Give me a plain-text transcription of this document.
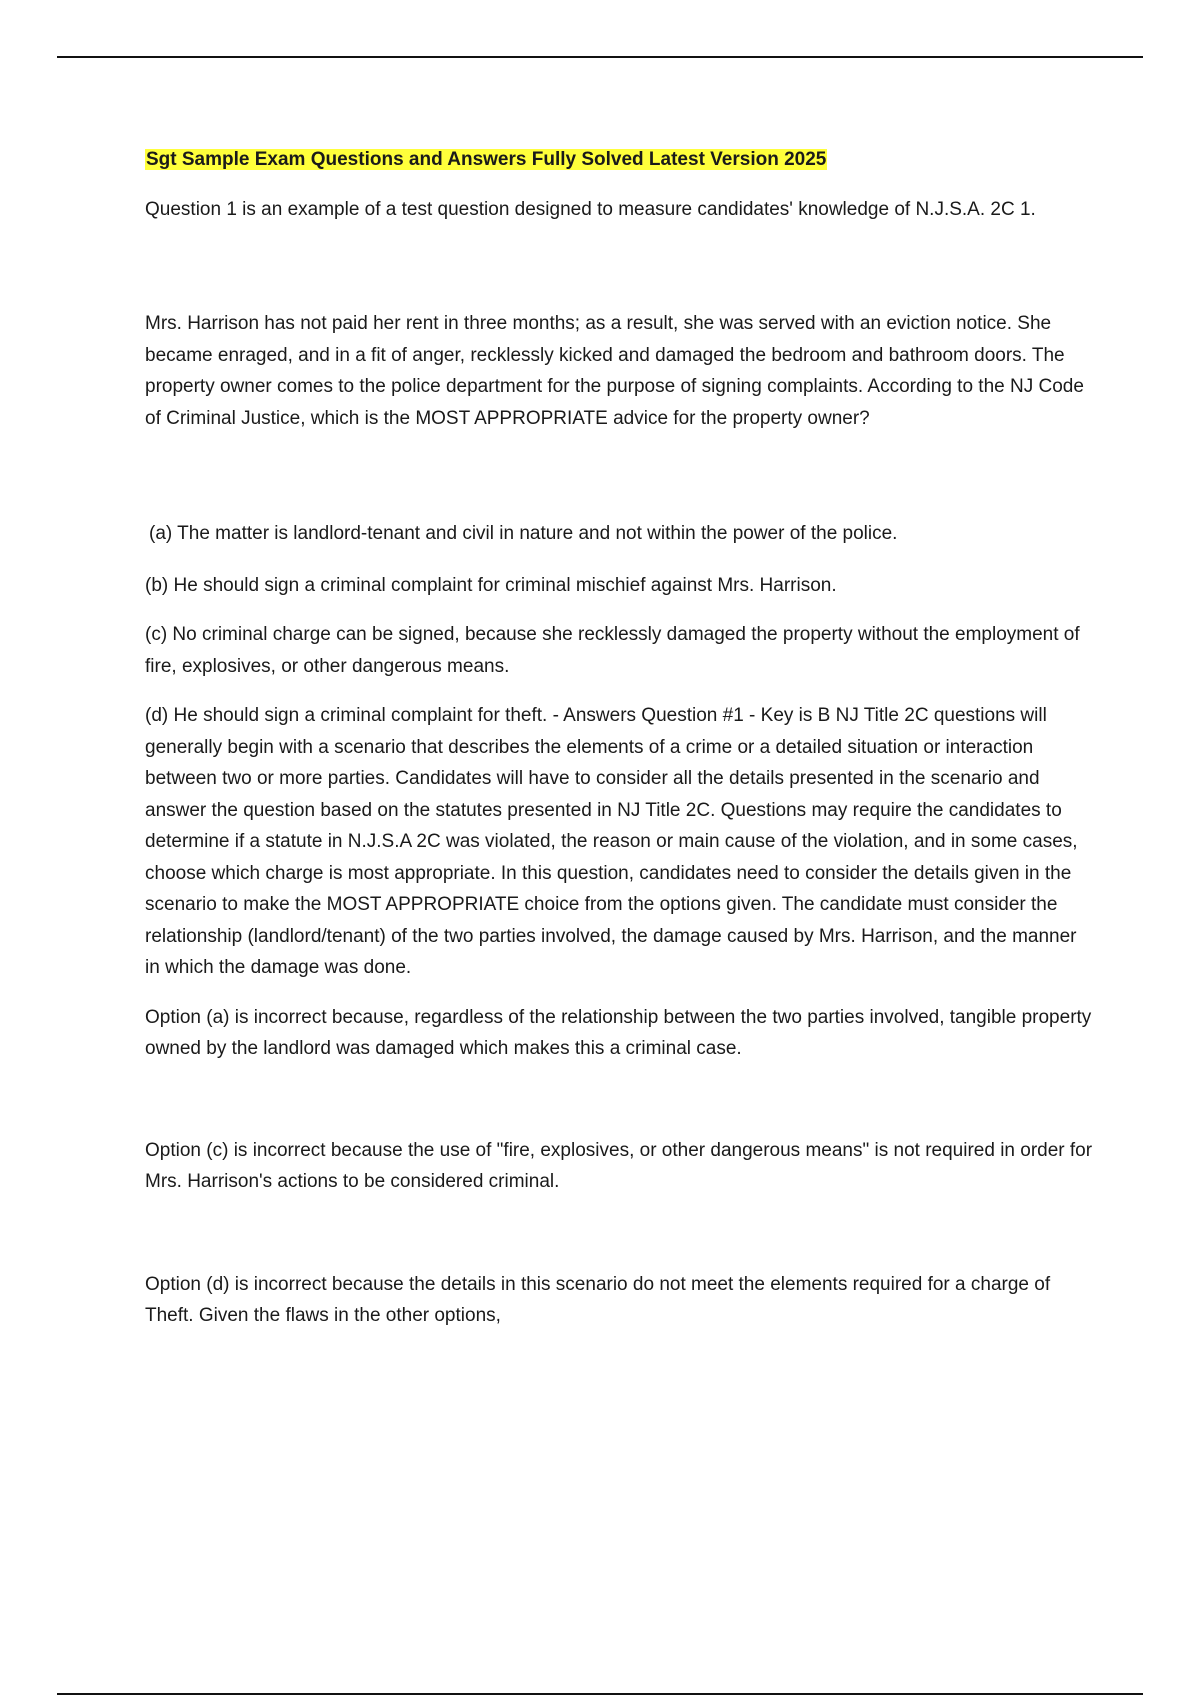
Sgt Sample Exam Questions and Answers Fully Solved Latest Version 2025

Question 1 is an example of a test question designed to measure candidates' knowledge of N.J.S.A. 2C 1.

Mrs. Harrison has not paid her rent in three months; as a result, she was served with an eviction notice. She became enraged, and in a fit of anger, recklessly kicked and damaged the bedroom and bathroom doors. The property owner comes to the police department for the purpose of signing complaints. According to the NJ Code of Criminal Justice, which is the MOST APPROPRIATE advice for the property owner?

(a) The matter is landlord-tenant and civil in nature and not within the power of the police.

(b) He should sign a criminal complaint for criminal mischief against Mrs. Harrison.

(c) No criminal charge can be signed, because she recklessly damaged the property without the employment of fire, explosives, or other dangerous means.

(d) He should sign a criminal complaint for theft. - Answers Question #1 - Key is B NJ Title 2C questions will generally begin with a scenario that describes the elements of a crime or a detailed situation or interaction between two or more parties. Candidates will have to consider all the details presented in the scenario and answer the question based on the statutes presented in NJ Title 2C. Questions may require the candidates to determine if a statute in N.J.S.A 2C was violated, the reason or main cause of the violation, and in some cases, choose which charge is most appropriate. In this question, candidates need to consider the details given in the scenario to make the MOST APPROPRIATE choice from the options given. The candidate must consider the relationship (landlord/tenant) of the two parties involved, the damage caused by Mrs. Harrison, and the manner in which the damage was done.

Option (a) is incorrect because, regardless of the relationship between the two parties involved, tangible property owned by the landlord was damaged which makes this a criminal case.

Option (c) is incorrect because the use of "fire, explosives, or other dangerous means" is not required in order for Mrs. Harrison's actions to be considered criminal.

Option (d) is incorrect because the details in this scenario do not meet the elements required for a charge of Theft. Given the flaws in the other options,
